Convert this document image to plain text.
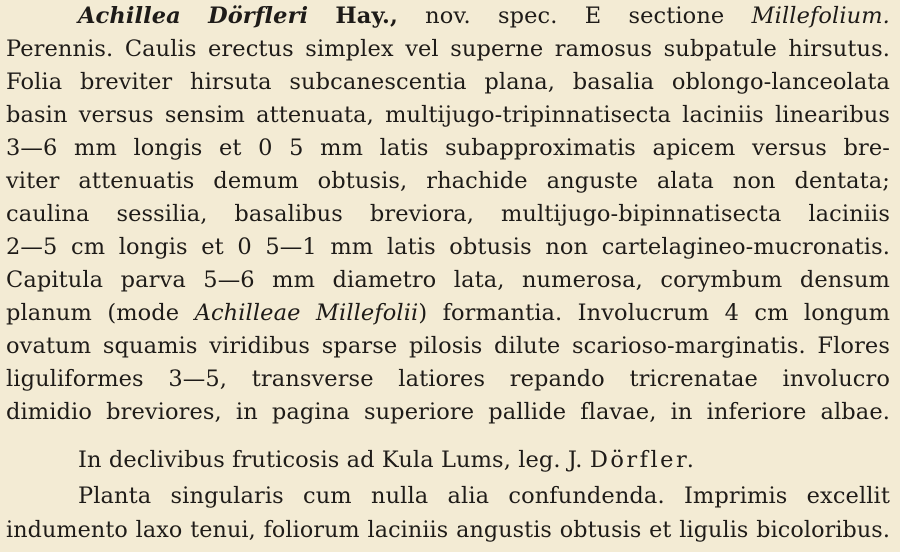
Achillea Dörfleri Hay., nov. spec. E sectione Millefolium.
Perennis. Caulis erectus simplex vel superne ramosus subpatule hirsutus.
Folia breviter hirsuta subcanescentia plana, basalia oblongo-lanceolata
basin versus sensim attenuata, multijugo-tripinnatisecta laciniis linearibus
3—6 mm longis et 0 5 mm latis subapproximatis apicem versus bre-
viter attenuatis demum obtusis, rhachide anguste alata non dentata;
caulina sessilia, basalibus breviora, multijugo-bipinnatisecta laciniis
2—5 cm longis et 0 5—1 mm latis obtusis non cartelagineo-mucronatis.
Capitula parva 5—6 mm diametro lata, numerosa, corymbum densum
planum (mode Achilleae Millefolii) formantia. Involucrum 4 cm longum
ovatum squamis viridibus sparse pilosis dilute scarioso-marginatis. Flores
liguliformes 3—5, transverse latiores repando tricrenatae involucro
dimidio breviores, in pagina superiore pallide flavae, in inferiore albae.
In declivibus fruticosis ad Kula Lums, leg. J. Dörfler.
Planta singularis cum nulla alia confundenda. Imprimis excellit
indumento laxo tenui, foliorum laciniis angustis obtusis et ligulis bicoloribus.
